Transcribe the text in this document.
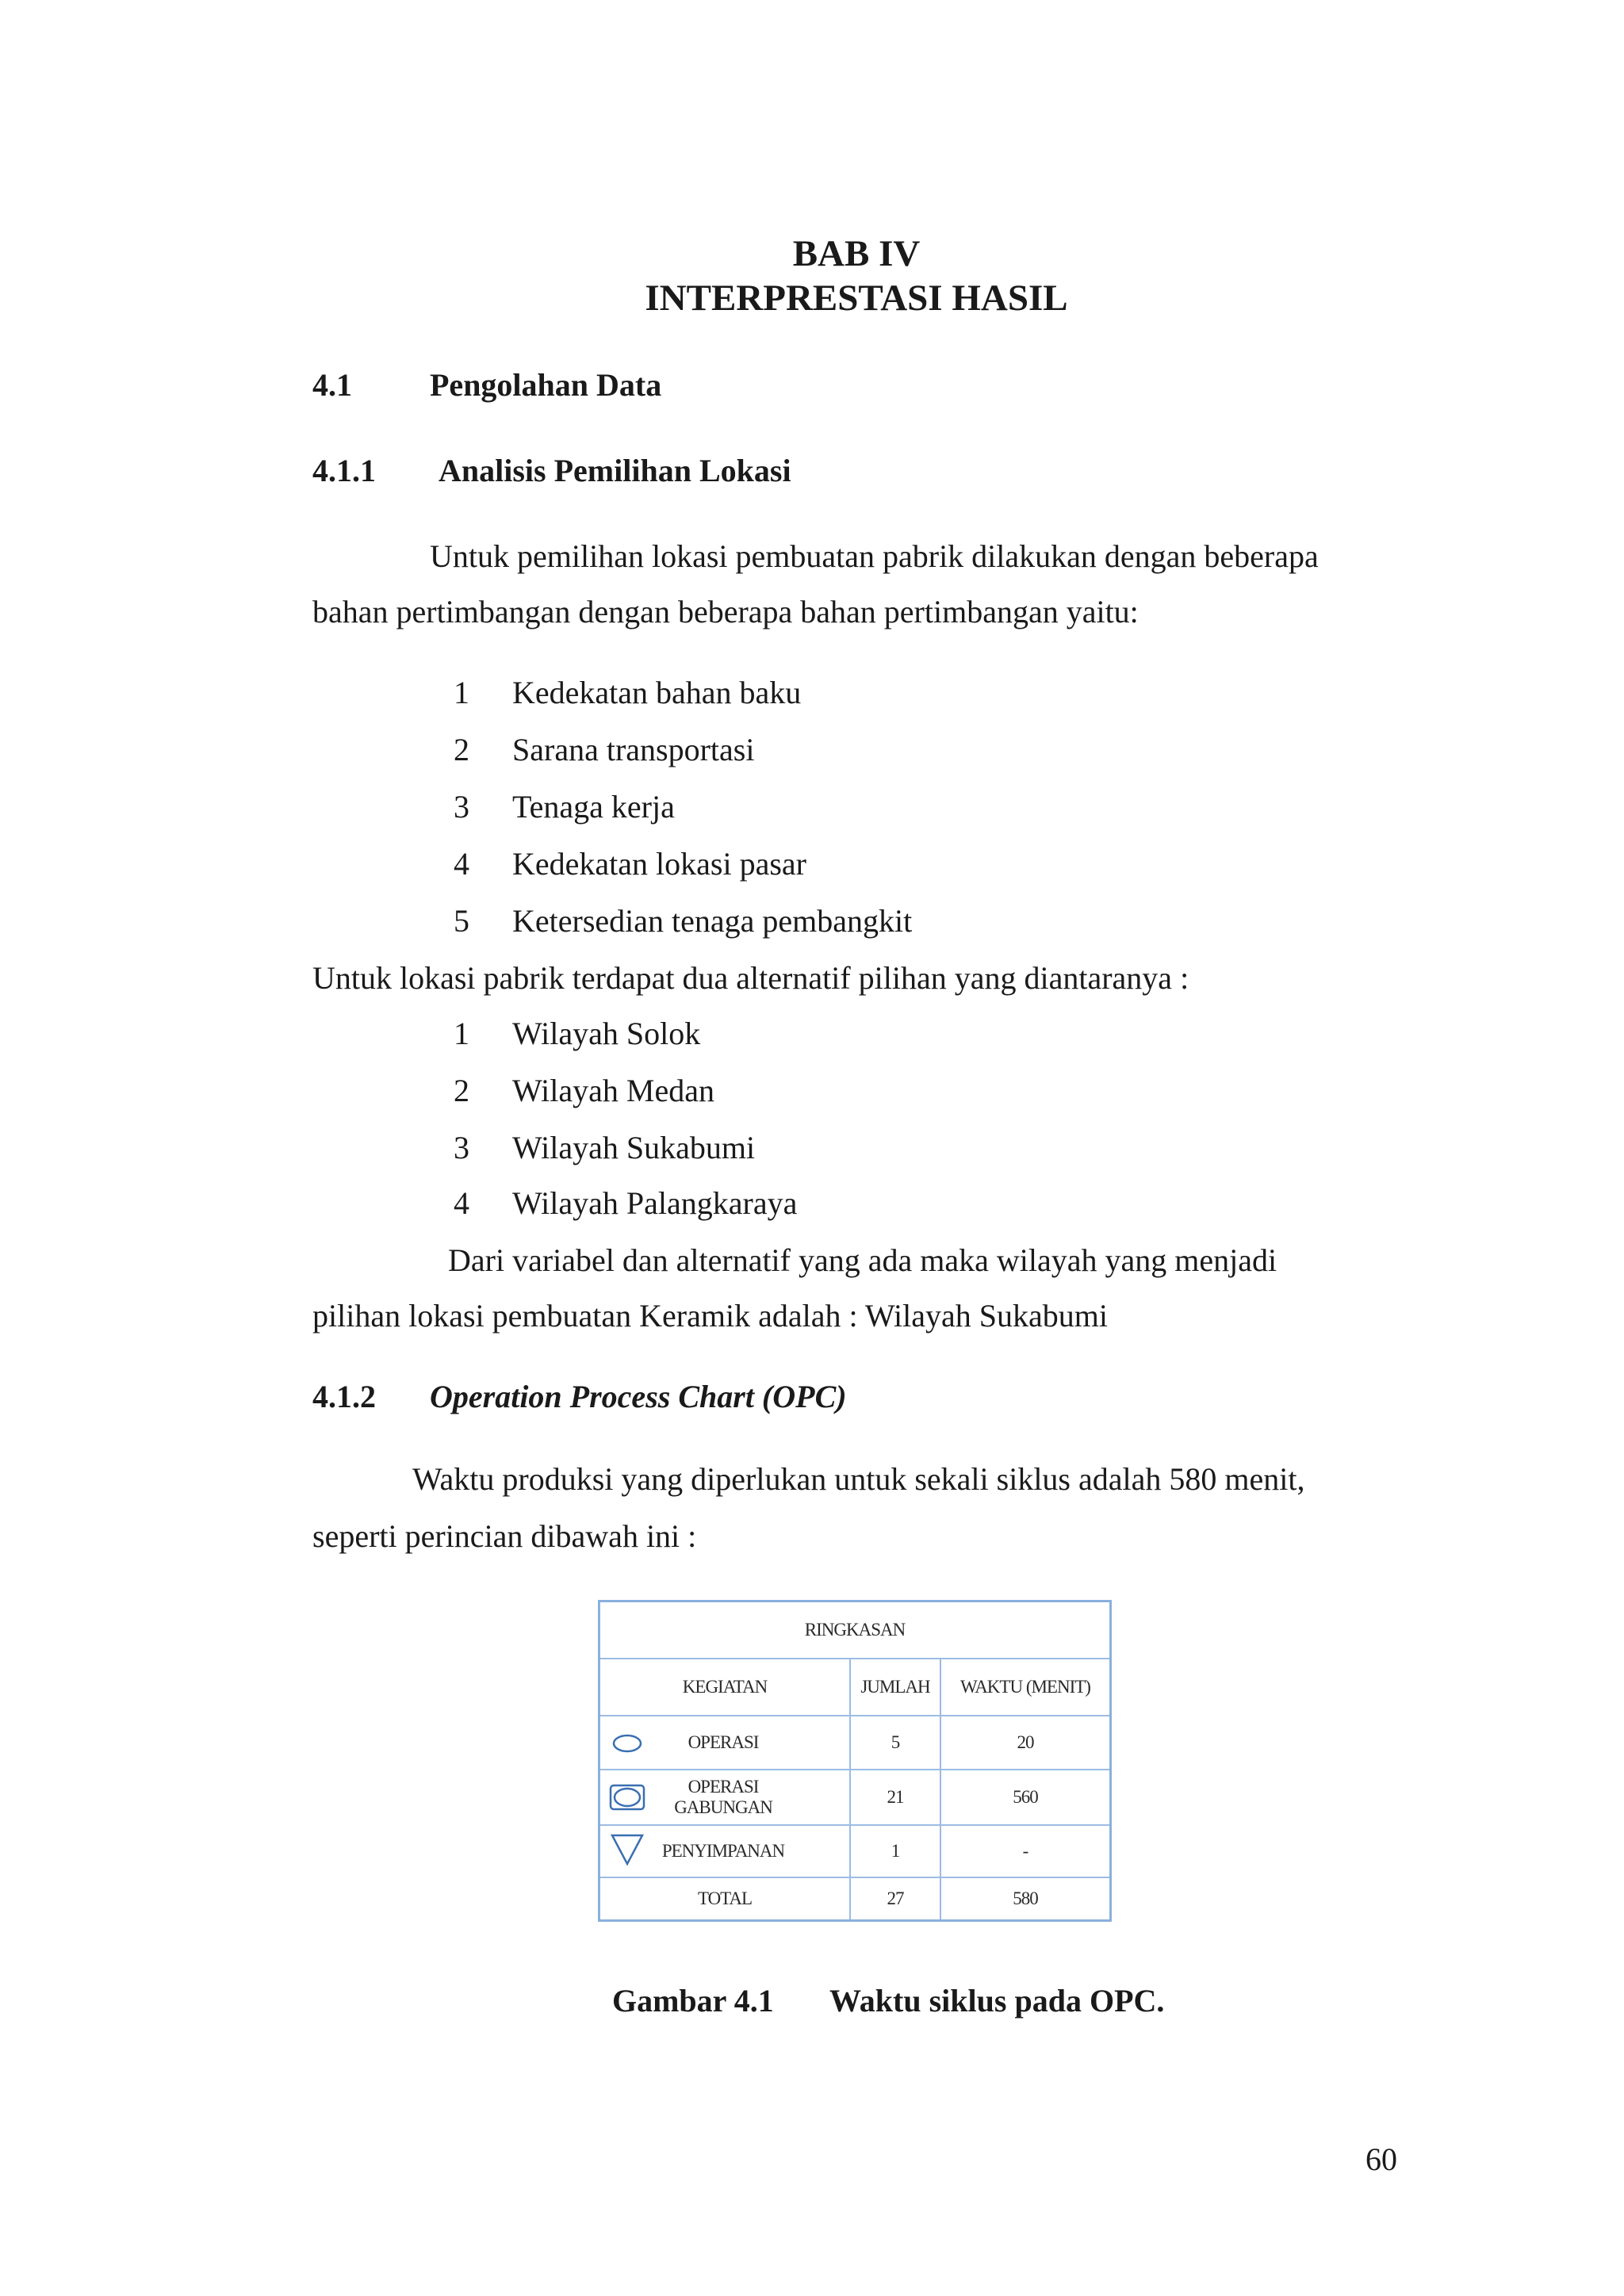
BAB IV
INTERPRESTASI HASIL
4.1 Pengolahan Data
4.1.1 Analisis Pemilihan Lokasi
Untuk pemilihan lokasi pembuatan pabrik dilakukan dengan beberapa
bahan pertimbangan dengan beberapa bahan pertimbangan yaitu:
1 Kedekatan bahan baku
2 Sarana transportasi
3 Tenaga kerja
4 Kedekatan lokasi pasar
5 Ketersedian tenaga pembangkit
Untuk lokasi pabrik terdapat dua alternatif pilihan yang diantaranya :
1 Wilayah Solok
2 Wilayah Medan
3 Wilayah Sukabumi
4 Wilayah Palangkaraya
Dari variabel dan alternatif yang ada maka wilayah yang menjadi
pilihan lokasi pembuatan Keramik adalah : Wilayah Sukabumi
4.1.2 Operation Process Chart (OPC)
Waktu produksi yang diperlukan untuk sekali siklus adalah 580 menit,
seperti perincian dibawah ini :
RINGKASAN
KEGIATAN	JUMLAH	WAKTU (MENIT)
OPERASI	5	20
OPERASI
GABUNGAN
21	560
PENYIMPANAN	1	-
TOTAL	27	580
Gambar 4.1 Waktu siklus pada OPC.
60
